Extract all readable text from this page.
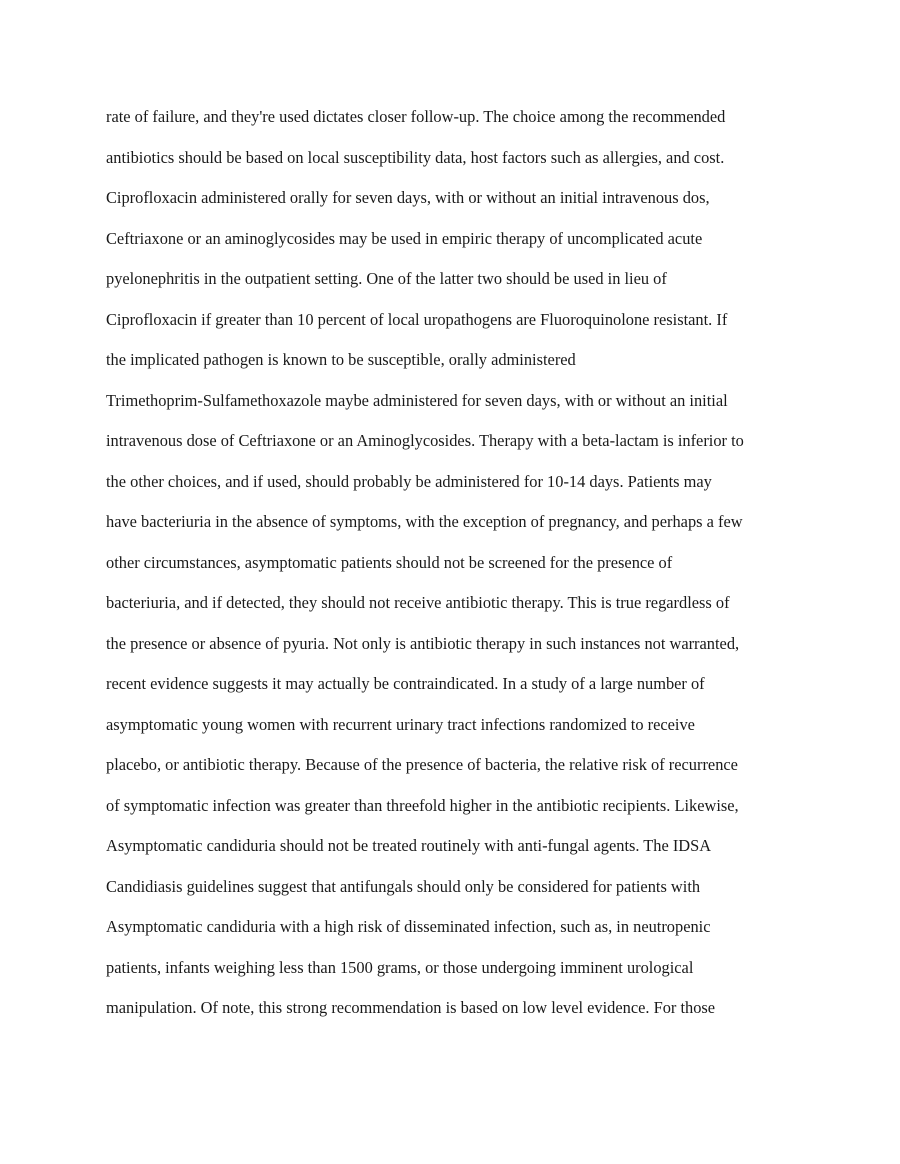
rate of failure, and they're used dictates closer follow-up. The choice among the recommended
antibiotics should be based on local susceptibility data, host factors such as allergies, and cost.
Ciprofloxacin administered orally for seven days, with or without an initial intravenous dos,
Ceftriaxone or an aminoglycosides may be used in empiric therapy of uncomplicated acute
pyelonephritis in the outpatient setting. One of the latter two should be used in lieu of
Ciprofloxacin if greater than 10 percent of local uropathogens are Fluoroquinolone resistant. If
the implicated pathogen is known to be susceptible, orally administered
Trimethoprim-Sulfamethoxazole maybe administered for seven days, with or without an initial
intravenous dose of Ceftriaxone or an Aminoglycosides. Therapy with a beta-lactam is inferior to
the other choices, and if used, should probably be administered for 10-14 days. Patients may
have bacteriuria in the absence of symptoms, with the exception of pregnancy, and perhaps a few
other circumstances, asymptomatic patients should not be screened for the presence of
bacteriuria, and if detected, they should not receive antibiotic therapy. This is true regardless of
the presence or absence of pyuria. Not only is antibiotic therapy in such instances not warranted,
recent evidence suggests it may actually be contraindicated. In a study of a large number of
asymptomatic young women with recurrent urinary tract infections randomized to receive
placebo, or antibiotic therapy. Because of the presence of bacteria, the relative risk of recurrence
of symptomatic infection was greater than threefold higher in the antibiotic recipients. Likewise,
Asymptomatic candiduria should not be treated routinely with anti-fungal agents. The IDSA
Candidiasis guidelines suggest that antifungals should only be considered for patients with
Asymptomatic candiduria with a high risk of disseminated infection, such as, in neutropenic
patients, infants weighing less than 1500 grams, or those undergoing imminent urological
manipulation. Of note, this strong recommendation is based on low level evidence. For those
